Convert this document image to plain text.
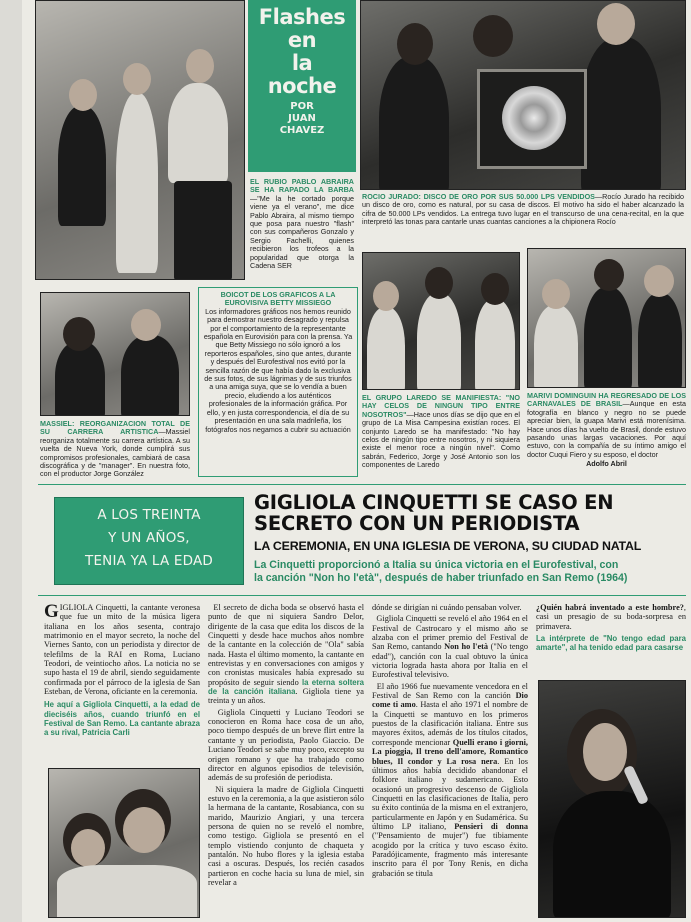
Flashes
en
la
noche
POR
JUAN
CHAVEZ
EL RUBIO PABLO ABRAIRA SE HA RAPADO LA BARBA—"Me la he cortado porque viene ya el verano", me dice Pablo Abraira, al mismo tiempo que posa para nuestro "flash" con sus compañeros Gonzalo y Sergio Fachelli, quienes recibieron los trofeos a la popularidad que otorga la Cadena SER
ROCIO JURADO: DISCO DE ORO POR SUS 50.000 LPS VENDIDOS—Rocío Jurado ha recibido un disco de oro, como es natural, por su casa de discos. El motivo ha sido el haber alcanzado la cifra de 50.000 LPs vendidos. La entrega tuvo lugar en el transcurso de una cena-recital, en la que interpretó las tonas para cantarle unas cuantas canciones a la chipionera Rocío
MASSIEL: REORGANIZACION TOTAL DE SU CARRERA ARTISTICA—Massiel reorganiza totalmente su carrera artística. A su vuelta de Nueva York, donde cumplirá sus compromisos profesionales, cambiará de casa discográfica y de "manager". En nuestra foto, con el productor Jorge González
BOICOT DE LOS GRAFICOS A LA EUROVISIVA BETTY MISSIEGO
Los informadores gráficos nos hemos reunido para demostrar nuestro desagrado y repulsa por el comportamiento de la representante española en Eurovisión para con la prensa. Ya que Betty Missiego no sólo ignoró a los reporteros españoles, sino que antes, durante y después del Eurofestival nos evitó por la sencilla razón de que había dado la exclusiva de sus fotos, de sus lágrimas y de sus triunfos a una amiga suya, que se lo vendía a buen precio, eludiendo a los auténticos profesionales de la información gráfica. Por ello, y en justa correspondencia, el día de su presentación en una sala madrileña, los fotógrafos nos negamos a cubrir su actuación
EL GRUPO LAREDO SE MANIFIESTA: "NO HAY CELOS DE NINGUN TIPO ENTRE NOSOTROS"—Hace unos días se dijo que en el grupo de La Misa Campesina existían roces. El conjunto Laredo se ha manifestado: "No hay celos de ningún tipo entre nosotros, y ni siquiera existe el menor roce a ningún nivel". Como sabrán, Federico, Jorge y José Antonio son los componentes de Laredo
MARIVI DOMINGUIN HA REGRESADO DE LOS CARNAVALES DE BRASIL—Aunque en esta fotografía en blanco y negro no se puede apreciar bien, la guapa Marivi está morenísima. Hace unos días ha vuelto de Brasil, donde estuvo pasando unas largas vacaciones. Por aquí estuvo, con la compañía de su íntimo amigo el doctor Cuqui Fiero y su esposo, el doctor
Adolfo Abril
A LOS TREINTA
Y UN AÑOS,
TENIA YA LA EDAD
GIGLIOLA CINQUETTI SE CASO EN
SECRETO CON UN PERIODISTA
LA CEREMONIA, EN UNA IGLESIA DE VERONA, SU CIUDAD NATAL
La Cinquetti proporcionó a Italia su única victoria en el Eurofestival, con
la canción "Non ho l'età", después de haber triunfado en San Remo (1964)

GIGLIOLA Cinquetti, la cantante veronesa que fue un mito de la música ligera italiana en los años sesenta, contrajo matrimonio en el mayor secreto, la noche del Viernes Santo, con un periodista y director de telefilms de la RAI en Roma, Luciano Teodori, de veintiocho años. La noticia no se supo hasta el 19 de abril, siendo seguidamente confirmada por el párroco de la iglesia de San Esteban, de Verona, oficiante en la ceremonia.

He aquí a Gigliola Cinquetti, a la edad de dieciséis años, cuando triunfó en el Festival de San Remo. La cantante abraza a su rival, Patricia Carli

El secreto de dicha boda se observó hasta el punto de que ni siquiera Sandro Delor, dirigente de la casa que edita los discos de la Cinquetti y desde hace muchos años nombre de la cantante en la colección de "Ola" sabía nada. Hasta el último momento, la cantante en entrevistas y en conversaciones con amigos y con cronistas musicales había expresado su propósito de seguir siendo la eterna soltera de la canción italiana. Gigliola tiene ya treinta y un años.

Gigliola Cinquetti y Luciano Teodori se conocieron en Roma hace cosa de un año, poco tiempo después de un breve flirt entre la cantante y un periodista, Paolo Giaccio. De Luciano Teodori se sabe muy poco, excepto su origen romano y que ha trabajado como director en algunos episodios de televisión, además de su profesión de periodista.

Ni siquiera la madre de Gigliola Cinquetti estuvo en la ceremonia, a la que asistieron sólo la hermana de la cantante, Rosabianca, con su marido, Maurizio Angiari, y una tercera persona de quien no se reveló el nombre, como testigo. Gigliola se presentó en el templo vistiendo conjunto de chaqueta y pantalón. No hubo flores y la iglesia estaba casi a oscuras. Después, los recién casados partieron en coche hacia su luna de miel, sin revelar a

dónde se dirigían ni cuándo pensaban volver.

Gigliola Cinquetti se reveló el año 1964 en el Festival de Castrocaro y el mismo año se alzaba con el primer premio del Festival de San Remo, cantando Non ho l'età ("No tengo edad"), canción con la cual obtuvo la única victoria lograda hasta ahora por Italia en el Eurofestival televisivo.

El año 1966 fue nuevamente vencedora en el Festival de San Remo con la canción Dio come ti amo. Hasta el año 1971 el nombre de la Cinquetti se mantuvo en los primeros puestos de la clasificación italiana. Entre sus mayores éxitos, además de los títulos citados, corresponde mencionar Quelli erano i giorni, La pioggia, Il treno dell'amore, Romantico blues, Il condor y La rosa nera. En los últimos años había decidido abandonar el folklore italiano y sudamericano. Esto ocasionó un progresivo descenso de Gigliola Cinquetti en las clasificaciones de Italia, pero su éxito continúa de la misma en el extranjero, particularmente en Japón y en Sudamérica. Su último LP italiano, Pensieri di donna ("Pensamiento de mujer") fue tibiamente acogido por la crítica y tuvo escaso éxito. Paradójicamente, fragmento más interesante inscrito para él por Tony Renis, en dicha grabación se titula

¿Quién habrá inventado a este hombre?, casi un presagio de su boda-sorpresa en primavera.

La intérprete de "No tengo edad para amarte", al ha tenido edad para casarse
